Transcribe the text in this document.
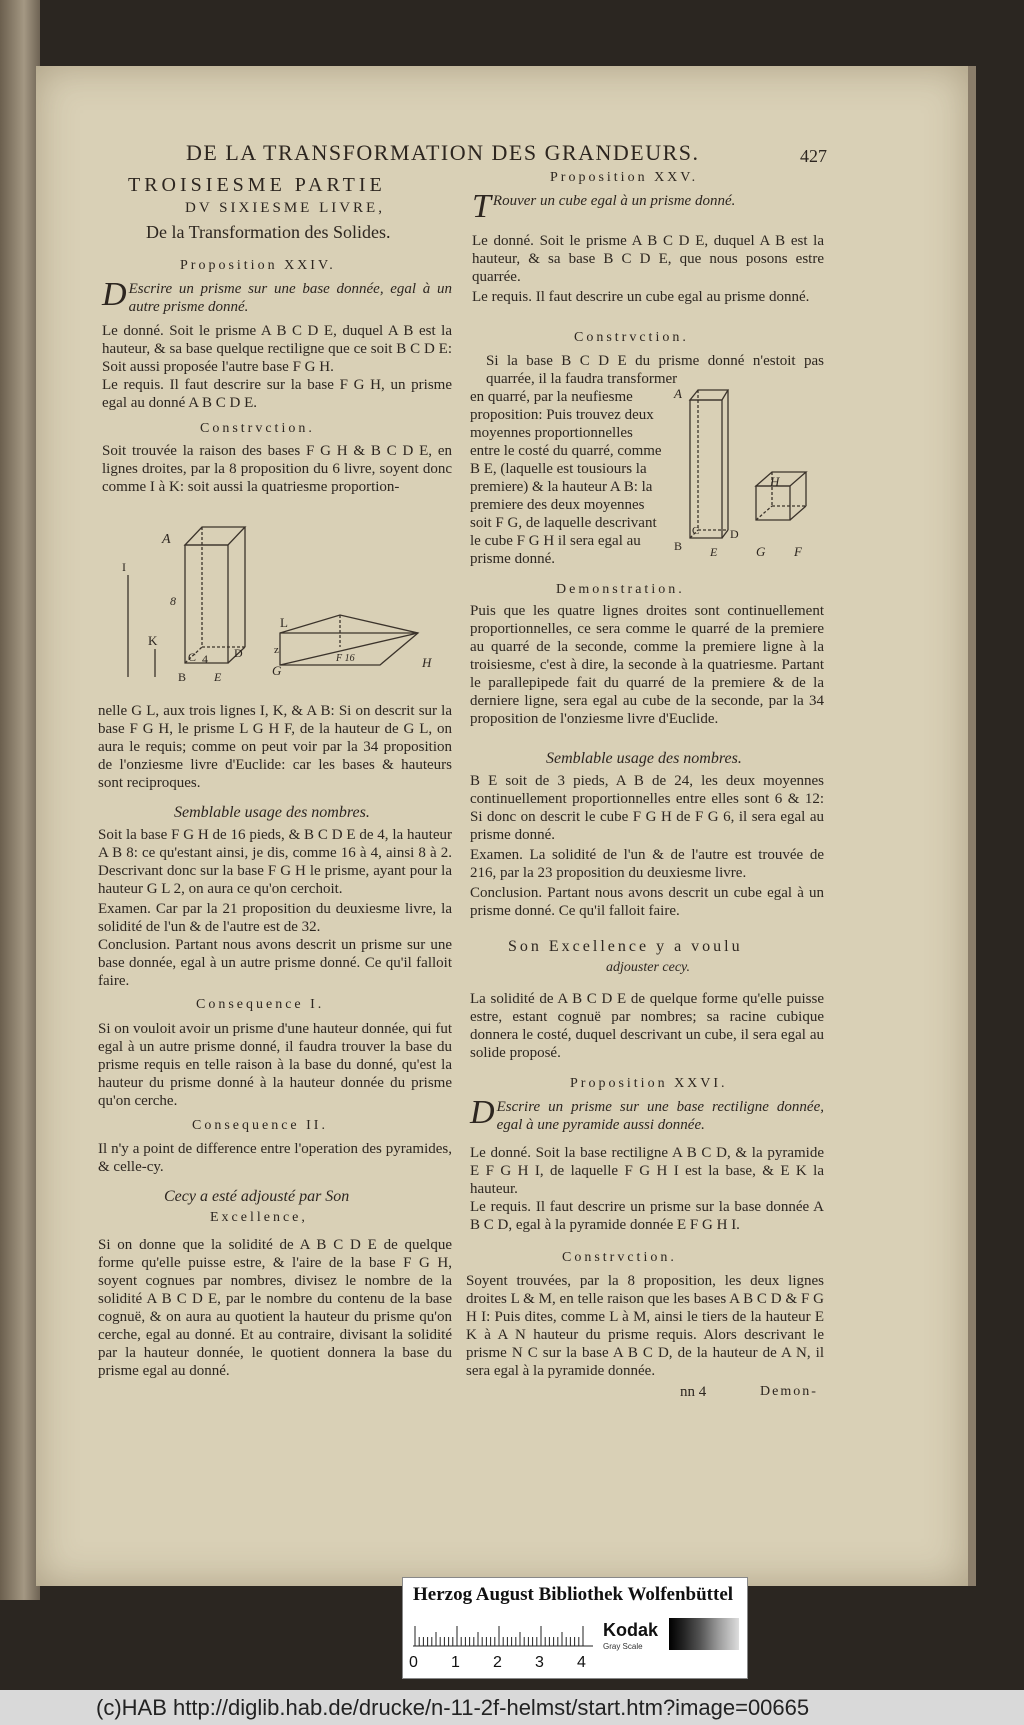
DE LA TRANSFORMATION DES GRANDEURS.	427
TROISIESME PARTIE
DV SIXIESME LIVRE,
De la Transformation des Solides.
Proposition XXIV.
D Escrire un prisme sur une base donnée, egal à un autre prisme donné.
Le donné. Soit le prisme A B C D E, duquel A B est la hauteur, & sa base quelque rectiligne que ce soit B C D E: Soit aussi proposée l'autre base F G H.
Le requis. Il faut descrire sur la base F G H, un prisme egal au donné A B C D E.
Constrvction.
Soit trouvée la raison des bases F G H & B C D E, en lignes droites, par la 8 proposition du 6 livre, soyent donc comme I à K: soit aussi la quatriesme proportion-
A
I
K
8
C 4 D
B E
L
z
G
F 16	H
nelle G L, aux trois lignes I, K, & A B: Si on descrit sur la base F G H, le prisme L G H F, de la hauteur de G L, on aura le requis; comme on peut voir par la 34 proposition de l'onziesme livre d'Euclide: car les bases & hauteurs sont reciproques.
Semblable usage des nombres.
Soit la base F G H de 16 pieds, & B C D E de 4, la hauteur A B 8: ce qu'estant ainsi, je dis, comme 16 à 4, ainsi 8 à 2. Descrivant donc sur la base F G H le prisme, ayant pour la hauteur G L 2, on aura ce qu'on cerchoit.
Examen. Car par la 21 proposition du deuxiesme livre, la solidité de l'un & de l'autre est de 32.
Conclusion. Partant nous avons descrit un prisme sur une base donnée, egal à un autre prisme donné. Ce qu'il falloit faire.
Consequence I.
Si on vouloit avoir un prisme d'une hauteur donnée, qui fut egal à un autre prisme donné, il faudra trouver la base du prisme requis en telle raison à la base du donné, qu'est la hauteur du prisme donné à la hauteur donnée du prisme qu'on cerche.
Consequence II.
Il n'y a point de difference entre l'operation des pyramides, & celle-cy.
Cecy a esté adjousté par Son
Excellence,
Si on donne que la solidité de A B C D E de quelque forme qu'elle puisse estre, & l'aire de la base F G H, soyent cognues par nombres, divisez le nombre de la solidité A B C D E, par le nombre du contenu de la base cognuë, & on aura au quotient la hauteur du prisme qu'on cerche, egal au donné. Et au contraire, divisant la solidité par la hauteur donnée, le quotient donnera la base du prisme egal au donné.
Proposition XXV.
T Rouver un cube egal à un prisme donné.
Le donné. Soit le prisme A B C D E, duquel A B est la hauteur, & sa base B C D E, que nous posons estre quarrée.
Le requis. Il faut descrire un cube egal au prisme donné.
Constrvction.
Si la base B C D E du prisme donné n'estoit pas quarrée, il la faudra transformer
en quarré, par la neufiesme proposition: Puis trouvez deux moyennes proportionnelles entre le costé du quarré, comme B E, (laquelle est tousiours la premiere) & la hauteur A B: la premiere des deux moyennes soit F G, de laquelle descrivant le cube F G H il sera egal au prisme donné.
A
C	D
B E
H
G F
Demonstration.
Puis que les quatre lignes droites sont continuellement proportionnelles, ce sera comme le quarré de la premiere au quarré de la seconde, comme la premiere ligne à la troisiesme, c'est à dire, la seconde à la quatriesme. Partant le parallepipede fait du quarré de la premiere & de la derniere ligne, sera egal au cube de la seconde, par la 34 proposition de l'onziesme livre d'Euclide.
Semblable usage des nombres.
B E soit de 3 pieds, A B de 24, les deux moyennes continuellement proportionnelles entre elles sont 6 & 12: Si donc on descrit le cube F G H de F G 6, il sera egal au prisme donné.
Examen. La solidité de l'un & de l'autre est trouvée de 216, par la 23 proposition du deuxiesme livre.
Conclusion. Partant nous avons descrit un cube egal à un prisme donné. Ce qu'il falloit faire.
Son Excellence y a voulu
adjouster cecy.
La solidité de A B C D E de quelque forme qu'elle puisse estre, estant cognuë par nombres; sa racine cubique donnera le costé, duquel descrivant un cube, il sera egal au solide proposé.
Proposition XXVI.
D Escrire un prisme sur une base rectiligne donnée, egal à une pyramide aussi donnée.
Le donné. Soit la base rectiligne A B C D, & la pyramide E F G H I, de laquelle F G H I est la base, & E K la hauteur.
Le requis. Il faut descrire un prisme sur la base donnée A B C D, egal à la pyramide donnée E F G H I.
Constrvction.
Soyent trouvées, par la 8 proposition, les deux lignes droites L & M, en telle raison que les bases A B C D & F G H I: Puis dites, comme L à M, ainsi le tiers de la hauteur E K à A N hauteur du prisme requis. Alors descrivant le prisme N C sur la base A B C D, de la hauteur de A N, il sera egal à la pyramide donnée.
nn 4	Demon-
Herzog August Bibliothek Wolfenbüttel
Kodak
Gray Scale
0 1 2 3 4
(c)HAB http://diglib.hab.de/drucke/n-11-2f-helmst/start.htm?image=00665
